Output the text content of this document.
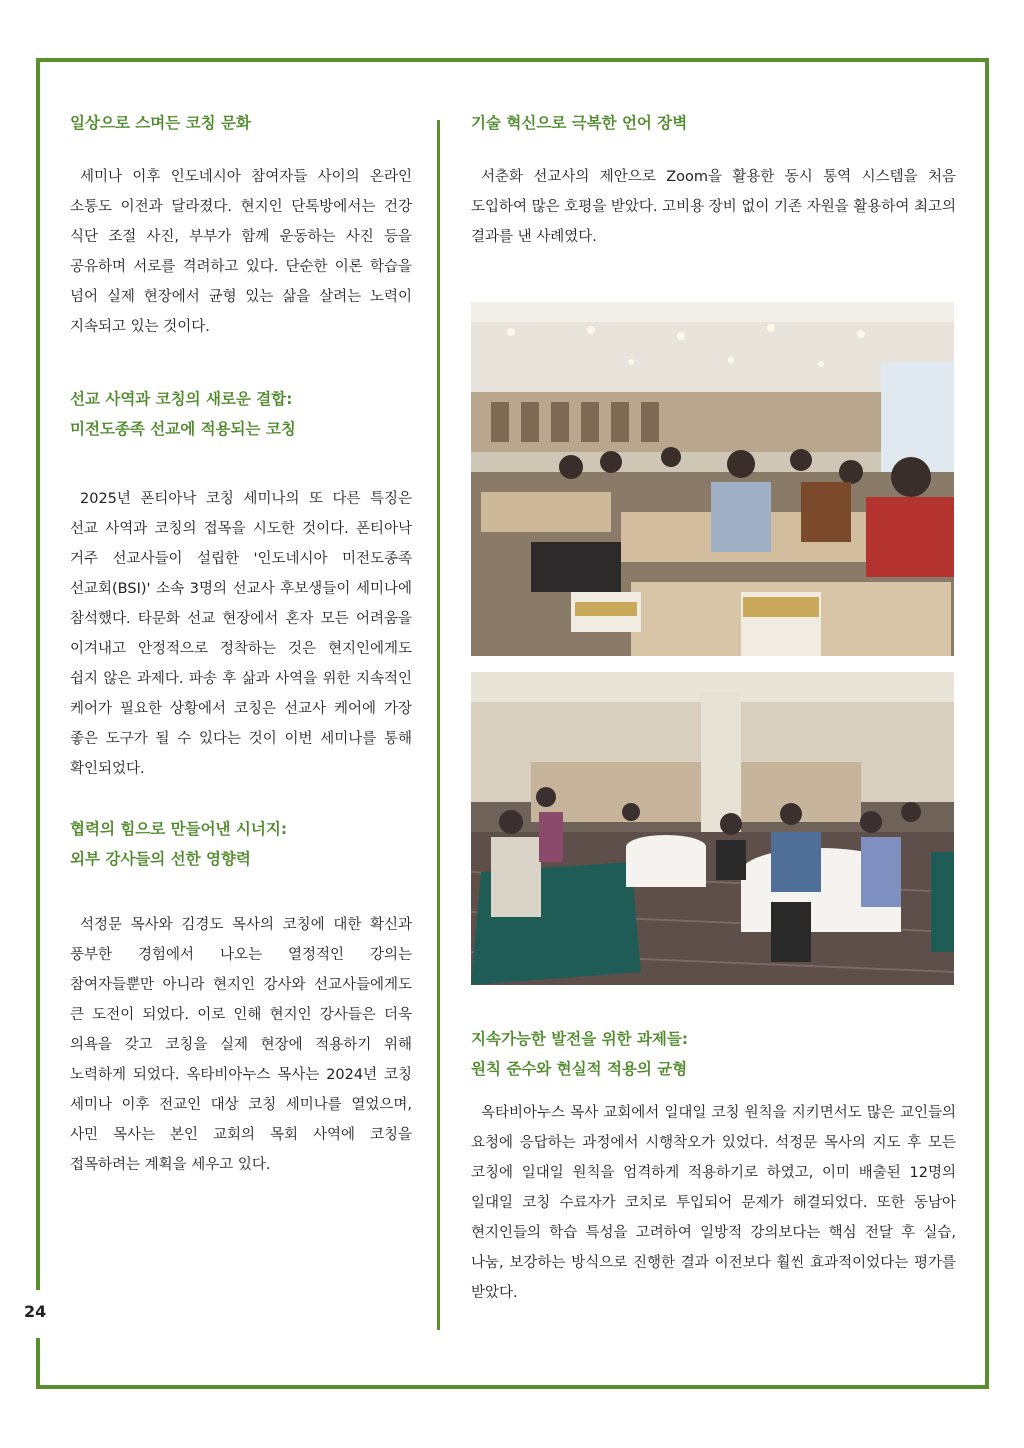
24
일상으로 스며든 코칭 문화

세미나 이후 인도네시아 참여자들 사이의 온라인 소통도 이전과 달라졌다. 현지인 단톡방에서는 건강 식단 조절 사진, 부부가 함께 운동하는 사진 등을 공유하며 서로를 격려하고 있다. 단순한 이론 학습을 넘어 실제 현장에서 균형 있는 삶을 살려는 노력이 지속되고 있는 것이다.

선교 사역과 코칭의 새로운 결합:
미전도종족 선교에 적용되는 코칭

2025년 폰티아낙 코칭 세미나의 또 다른 특징은 선교 사역과 코칭의 접목을 시도한 것이다. 폰티아낙 거주 선교사들이 설립한 '인도네시아 미전도종족 선교회(BSI)' 소속 3명의 선교사 후보생들이 세미나에 참석했다. 타문화 선교 현장에서 혼자 모든 어려움을 이겨내고 안정적으로 정착하는 것은 현지인에게도 쉽지 않은 과제다. 파송 후 삶과 사역을 위한 지속적인 케어가 필요한 상황에서 코칭은 선교사 케어에 가장 좋은 도구가 될 수 있다는 것이 이번 세미나를 통해 확인되었다.

협력의 힘으로 만들어낸 시너지:
외부 강사들의 선한 영향력

석정문 목사와 김경도 목사의 코칭에 대한 확신과 풍부한 경험에서 나오는 열정적인 강의는 참여자들뿐만 아니라 현지인 강사와 선교사들에게도 큰 도전이 되었다. 이로 인해 현지인 강사들은 더욱 의욕을 갖고 코칭을 실제 현장에 적용하기 위해 노력하게 되었다. 옥타비아누스 목사는 2024년 코칭 세미나 이후 전교인 대상 코칭 세미나를 열었으며, 사민 목사는 본인 교회의 목회 사역에 코칭을 접목하려는 계획을 세우고 있다.

기술 혁신으로 극복한 언어 장벽

서춘화 선교사의 제안으로 Zoom을 활용한 동시 통역 시스템을 처음 도입하여 많은 호평을 받았다. 고비용 장비 없이 기존 자원을 활용하여 최고의 결과를 낸 사례였다.

지속가능한 발전을 위한 과제들:
원칙 준수와 현실적 적용의 균형

옥타비아누스 목사 교회에서 일대일 코칭 원칙을 지키면서도 많은 교인들의 요청에 응답하는 과정에서 시행착오가 있었다. 석정문 목사의 지도 후 모든 코칭에 일대일 원칙을 엄격하게 적용하기로 하였고, 이미 배출된 12명의 일대일 코칭 수료자가 코치로 투입되어 문제가 해결되었다. 또한 동남아 현지인들의 학습 특성을 고려하여 일방적 강의보다는 핵심 전달 후 실습, 나눔, 보강하는 방식으로 진행한 결과 이전보다 훨씬 효과적이었다는 평가를 받았다.
